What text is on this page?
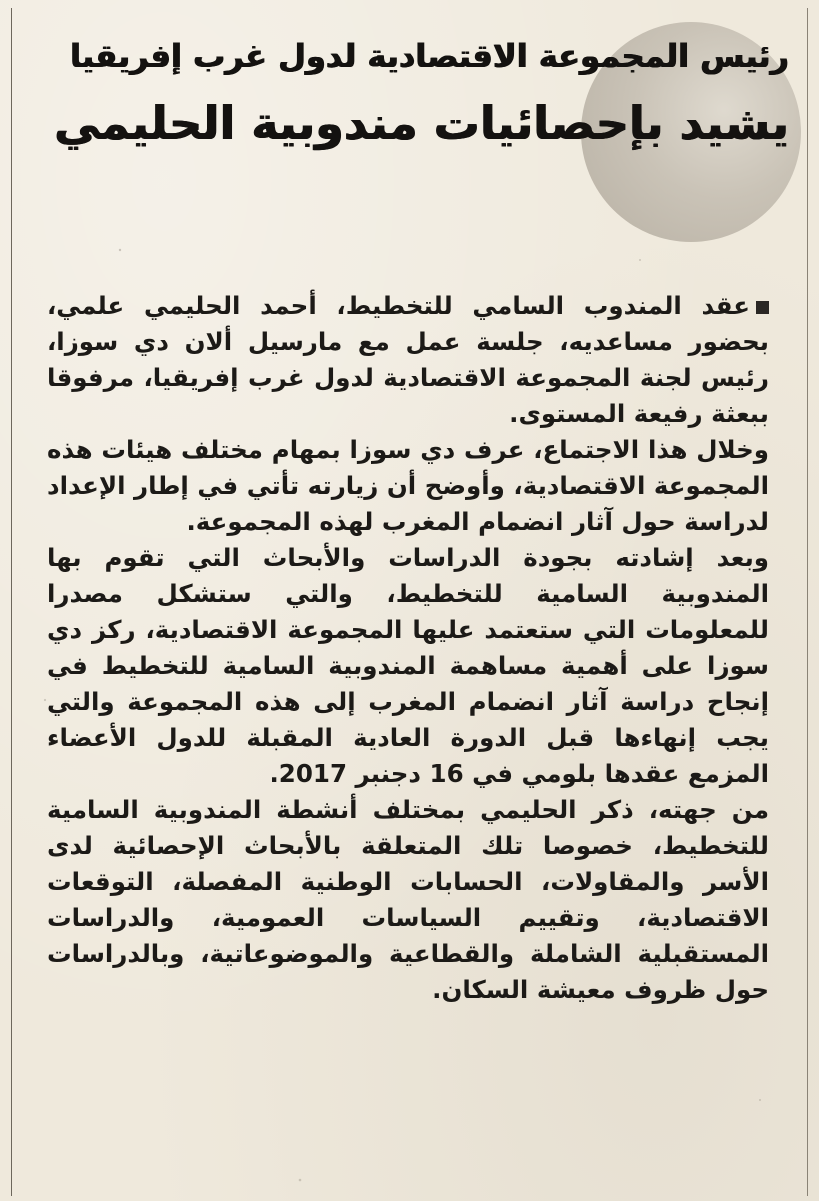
رئيس المجموعة الاقتصادية لدول غرب إفريقيا
يشيد بإحصائيات مندوبية الحليمي

عقد المندوب السامي للتخطيط، أحمد الحليمي علمي، بحضور مساعديه، جلسة عمل مع مارسيل ألان دي سوزا، رئيس لجنة المجموعة الاقتصادية لدول غرب إفريقيا، مرفوقا ببعثة رفيعة المستوى.

وخلال هذا الاجتماع، عرف دي سوزا بمهام مختلف هيئات هذه المجموعة الاقتصادية، وأوضح أن زيارته تأتي في إطار الإعداد لدراسة حول آثار انضمام المغرب لهذه المجموعة.

وبعد إشادته بجودة الدراسات والأبحاث التي تقوم بها المندوبية السامية للتخطيط، والتي ستشكل مصدرا للمعلومات التي ستعتمد عليها المجموعة الاقتصادية، ركز دي سوزا على أهمية مساهمة المندوبية السامية للتخطيط في إنجاح دراسة آثار انضمام المغرب إلى هذه المجموعة والتي يجب إنهاءها قبل الدورة العادية المقبلة للدول الأعضاء المزمع عقدها بلومي في 16 دجنبر 2017.

من جهته، ذكر الحليمي بمختلف أنشطة المندوبية السامية للتخطيط، خصوصا تلك المتعلقة بالأبحاث الإحصائية لدى الأسر والمقاولات، الحسابات الوطنية المفصلة، التوقعات الاقتصادية، وتقييم السياسات العمومية، والدراسات المستقبلية الشاملة والقطاعية والموضوعاتية، وبالدراسات حول ظروف معيشة السكان.
